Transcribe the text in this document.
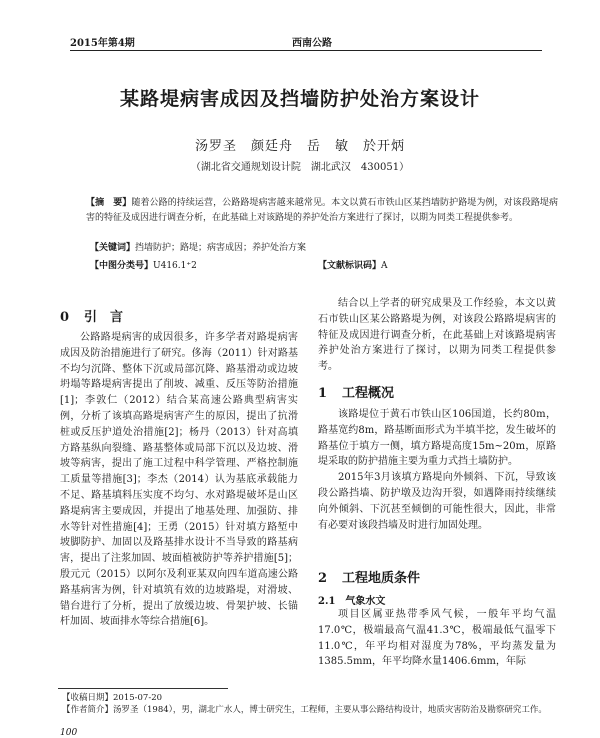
2015年第4期	西南公路
某路堤病害成因及挡墙防护处治方案设计
汤罗圣　颜廷舟　岳　敏　於开炳
（湖北省交通规划设计院　湖北武汉　430051）
【摘　要】随着公路的持续运营，公路路堤病害越来越常见。本文以黄石市铁山区某挡墙防护路堤为例，对该段路堤病害的特征及成因进行调查分析，在此基础上对该路堤的养护处治方案进行了探讨，以期为同类工程提供参考。
【关键词】挡墙防护；路堤；病害成因；养护处治方案
【中图分类号】U416.1⁺2	【文献标识码】A
0 引　言

公路路堤病害的成因很多，许多学者对路堤病害成因及防治措施进行了研究。侈海（2011）针对路基不均匀沉降、整体下沉或局部沉降、路基滑动或边坡坍塌等路堤病害提出了削坡、减重、反压等防治措施[1]；李敦仁（2012）结合某高速公路典型病害实例，分析了该填高路堤病害产生的原因，提出了抗滑桩或反压护道处治措施[2]；杨丹（2013）针对高填方路基纵向裂缝、路基整体或局部下沉以及边坡、滑坡等病害，提出了施工过程中科学管理、严格控制施工质量等措施[3]；李杰（2014）认为基底承载能力不足、路基填料压实度不均匀、水对路堤破坏是山区路堤病害主要成因，并提出了地基处理、加强防、排水等针对性措施[4]；王勇（2015）针对填方路堑中坡脚防护、加固以及路基排水设计不当导致的路基病害，提出了注浆加固、坡面植被防护等养护措施[5]；殷元元（2015）以阿尔及利亚某双向四车道高速公路路基病害为例，针对填筑有效的边坡路堤，对滑坡、错台进行了分析，提出了放缓边坡、骨架护坡、长锚杆加固、坡面排水等综合措施[6]。

结合以上学者的研究成果及工作经验，本文以黄石市铁山区某公路路堤为例，对该段公路路堤病害的特征及成因进行调查分析，在此基础上对该路堤病害养护处治方案进行了探讨，以期为同类工程提供参考。

1 工程概况

该路堤位于黄石市铁山区106国道，长约80m，路基宽约8m，路基断面形式为半填半挖，发生破坏的路基位于填方一侧，填方路堤高度15m~20m，原路堤采取的防护措施主要为重力式挡土墙防护。

2015年3月该填方路堤向外倾斜、下沉，导致该段公路挡墙、防护墩及边沟开裂，如遇降雨持续继续向外倾斜、下沉甚至倾倒的可能性很大，因此，非常有必要对该段挡墙及时进行加固处理。

2 工程地质条件
2.1　 气象水文

项目区属亚热带季风气候，一般年平均气温17.0℃，极端最高气温41.3℃，极端最低气温零下11.0℃，年平均相对湿度为78%，平均蒸发量为1385.5mm，年平均降水量1406.6mm，年际

【收稿日期】2015-07-20
【作者简介】汤罗圣（1984），男，湖北广水人，博士研究生，工程师，主要从事公路结构设计，地质灾害防治及勘察研究工作。
100
